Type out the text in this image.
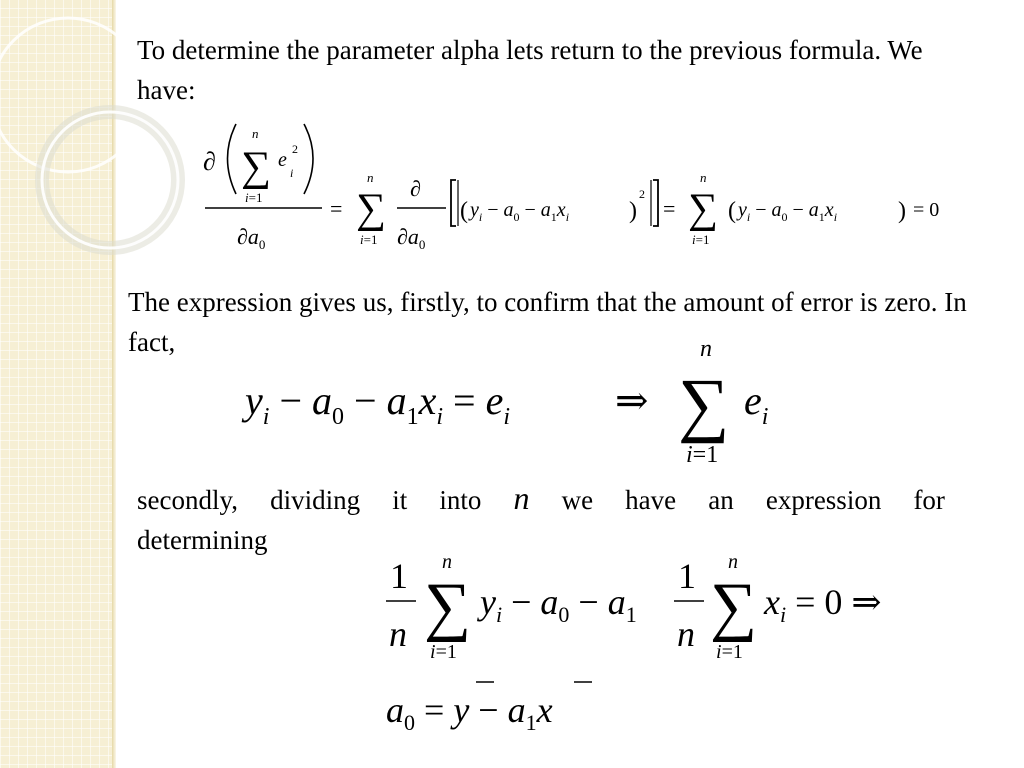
To determine the parameter alpha lets return to the previous formula. We have:

∂ ∑
n
i=1
e 2
i
$\partial a_0$
= ∑
n
i=1
∂
$\partial a_0$
( $y_i - a_0 - a_1x_i$ )
2
= ∑
n
i=1
( $y_i - a_0 - a_1x_i$	) = 0

The expression gives us, firstly, to confirm that the amount of error is zero. In fact,

$y_i - a_0 - a_1x_i = e_i$	⇒ ∑
n
i=1
$e_i$
secondly, dividing it into n we have an expression for

determining

1
n ∑
n
i=1
$y_i - a_0 - a_1$
1
n ∑
n
i=1
$x_i = 0$ ⇒
$a_0 = y - a_1x$
